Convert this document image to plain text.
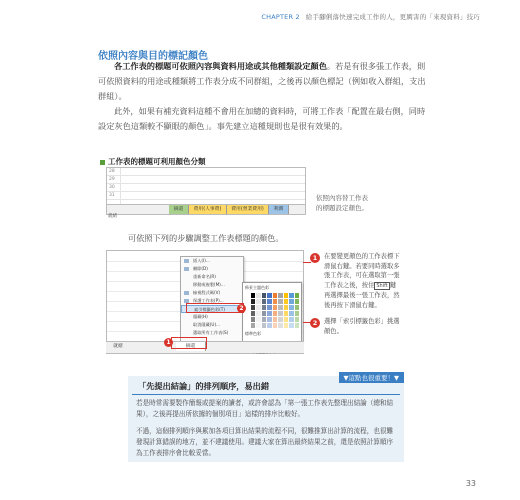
CHAPTER 2 給手腳俐落快速完成工作的人，更厲害的「來現資料」技巧
依照內容與目的標記顏色
各工作表的標題可依照內容與資料用途或其他種類設定顏色。若是有很多張工作表，則可依照資料的用途或種類將工作表分成不同群組，之後再以顏色標記（例如收入群組，支出群組）。
此外，如果有補充資料這種不會用在加總的資料時，可將工作表「配置在最右側，同時設定灰色這類較不顯眼的顏色」。事先建立這種規則也是很有效果的。
工作表的標題可利用顏色分類
28
29
30
31
摘還	費用(人事費)	費用(營業費用)	利潤
就緒
依照內容替工作表
的標題設定顏色。
可依照下列的步驟調整工作表標題的顏色。
插入(I)...
刪除(D)
重新命名(R)
移動或複製(M)...
檢視程式碼(V)
保護工作表(P)...
索引標籤色彩(T)
隱藏(H)
取消隱藏(U)...
選取所有工作表(S)
佈景主題色彩
標準色彩
摘還
就緒
1
2
1	在要變更顏色的工作表標下滑鼠右鍵。若要同時選取多張工作表，可在選取第一張工作表之後，按住 Shift 鍵再選擇最後一張工作表，然後再按下滑鼠右鍵。
2	選擇「索引標籤色彩」挑選顏色。
▼這點也很重要！▼
「先提出結論」的排列順序，易出錯
若是時常需要製作簡報或提案的讀者，或許會認為「第一張工作表先整理出結論（總和結果），之後再提出所依據的個別項目」這樣的排序比較好。
不過，這個排列順序與累加各項目算出結果的流程不同，很難推算出計算的流程，也很難發現計算錯誤的地方，並不建議使用。建議大家在算出最終結果之前，還是依照計算順序為工作表排序會比較妥當。
33
